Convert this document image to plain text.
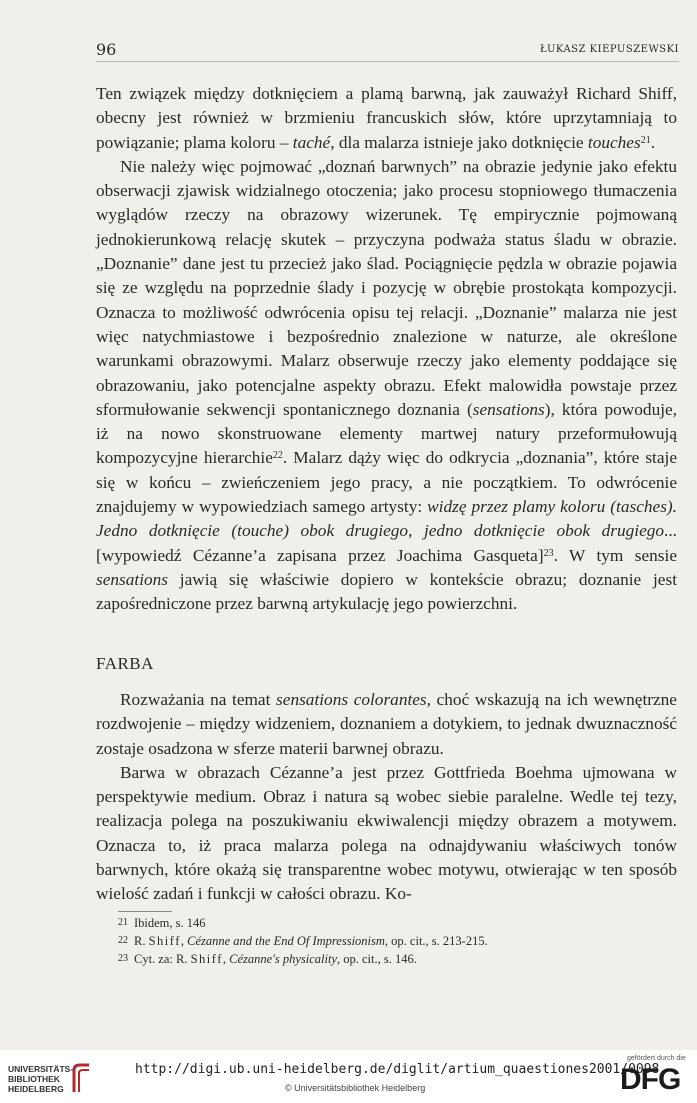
96	ŁUKASZ KIEPUSZEWSKI

Ten związek między dotknięciem a plamą barwną, jak zauważył Richard Shiff, obecny jest również w brzmieniu francuskich słów, które uprzytamniają to powiązanie; plama koloru – taché, dla malarza istnieje jako dotknięcie touches$^{21}$.

Nie należy więc pojmować „doznań barwnych” na obrazie jedynie jako efektu obserwacji zjawisk widzialnego otoczenia; jako procesu stopniowego tłumaczenia wyglądów rzeczy na obrazowy wizerunek. Tę empirycznie pojmowaną jednokierunkową relację skutek – przyczyna podważa status śladu w obrazie. „Doznanie” dane jest tu przecież jako ślad. Pociągnięcie pędzla w obrazie pojawia się ze względu na poprzednie ślady i pozycję w obrębie prostokąta kompozycji. Oznacza to możliwość odwrócenia opisu tej relacji. „Doznanie” malarza nie jest więc natychmiastowe i bezpośrednio znalezione w naturze, ale określone warunkami obrazowymi. Malarz obserwuje rzeczy jako elementy poddające się obrazowaniu, jako potencjalne aspekty obrazu. Efekt malowidła powstaje przez sformułowanie sekwencji spontanicznego doznania (sensations), która powoduje, iż na nowo skonstruowane elementy martwej natury przeformułowują kompozycyjne hierarchie$^{22}$. Malarz dąży więc do odkrycia „doznania”, które staje się w końcu – zwieńczeniem jego pracy, a nie początkiem. To odwrócenie znajdujemy w wypowiedziach samego artysty: widzę przez plamy koloru (tasches). Jedno dotknięcie (touche) obok drugiego, jedno dotknięcie obok drugiego... [wypowiedź Cézanne’a zapisana przez Joachima Gasqueta]$^{23}$. W tym sensie sensations jawią się właściwie dopiero w kontekście obrazu; doznanie jest zapośredniczone przez barwną artykulację jego powierzchni.

FARBA

Rozważania na temat sensations colorantes, choć wskazują na ich wewnętrzne rozdwojenie – między widzeniem, doznaniem a dotykiem, to jednak dwuznaczność zostaje osadzona w sferze materii barwnej obrazu.

Barwa w obrazach Cézanne’a jest przez Gottfrieda Boehma ujmowana w perspektywie medium. Obraz i natura są wobec siebie paralelne. Wedle tej tezy, realizacja polega na poszukiwaniu ekwiwalencji między obrazem a motywem. Oznacza to, iż praca malarza polega na odnajdywaniu właściwych tonów barwnych, które okażą się transparentne wobec motywu, otwierając w ten sposób wielość zadań i funkcji w całości obrazu. Ko-

21 Ibidem, s. 146
22 R. Shiff, Cézanne and the End Of Impressionism, op. cit., s. 213-215.
23 Cyt. za: R. Shiff, Cézanne's physicality, op. cit., s. 146.
UNIVERSITÄTS-
BIBLIOTHEK
HEIDELBERG
http://digi.ub.uni-heidelberg.de/diglit/artium_quaestiones2001/0098
© Universitätsbibliothek Heidelberg
gefördert durch die
DFG
